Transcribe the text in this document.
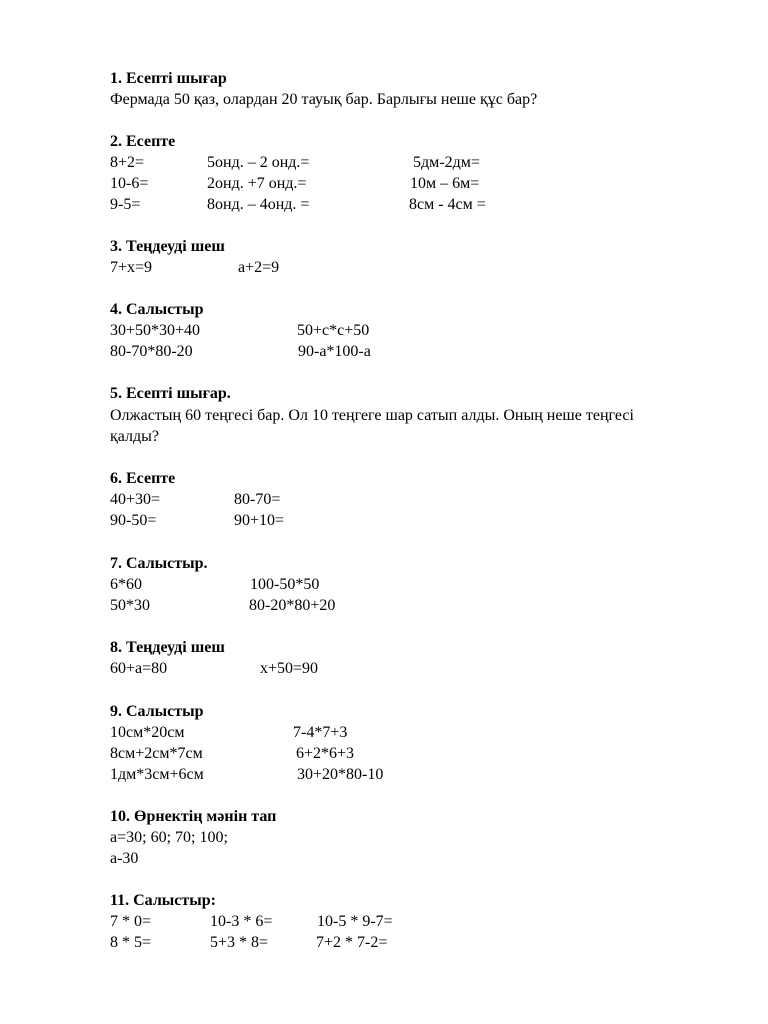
1. Есепті шығар
Фермада 50 қаз, олардан 20 тауық бар. Барлығы неше құс бар?
2. Есепте
8+2=	5онд. – 2 онд.=	5дм-2дм=
10-6=	2онд. +7 онд.=	10м – 6м=
9-5=	8онд. – 4онд. =	8см - 4см =
3. Теңдеуді шеш
7+х=9	а+2=9
4. Салыстыр
30+50*30+40	50+с*с+50
80-70*80-20	90-а*100-а
5. Есепті шығар.
Олжастың 60 теңгесі бар. Ол 10 теңгеге шар сатып алды. Оның неше теңгесі
қалды?
6. Есепте
40+30=	80-70=
90-50=	90+10=
7. Салыстыр.
6*60	100-50*50
50*30	80-20*80+20
8. Теңдеуді шеш
60+а=80	х+50=90
9. Салыстыр
10см*20см	7-4*7+3
8см+2см*7см	6+2*6+3
1дм*3см+6см	30+20*80-10
10. Өрнектің мәнін тап
а=30; 60; 70; 100;
а-30
11. Салыстыр:
7 * 0=	10-3 * 6=	10-5 * 9-7=
8 * 5=	5+3 * 8=	7+2 * 7-2=
